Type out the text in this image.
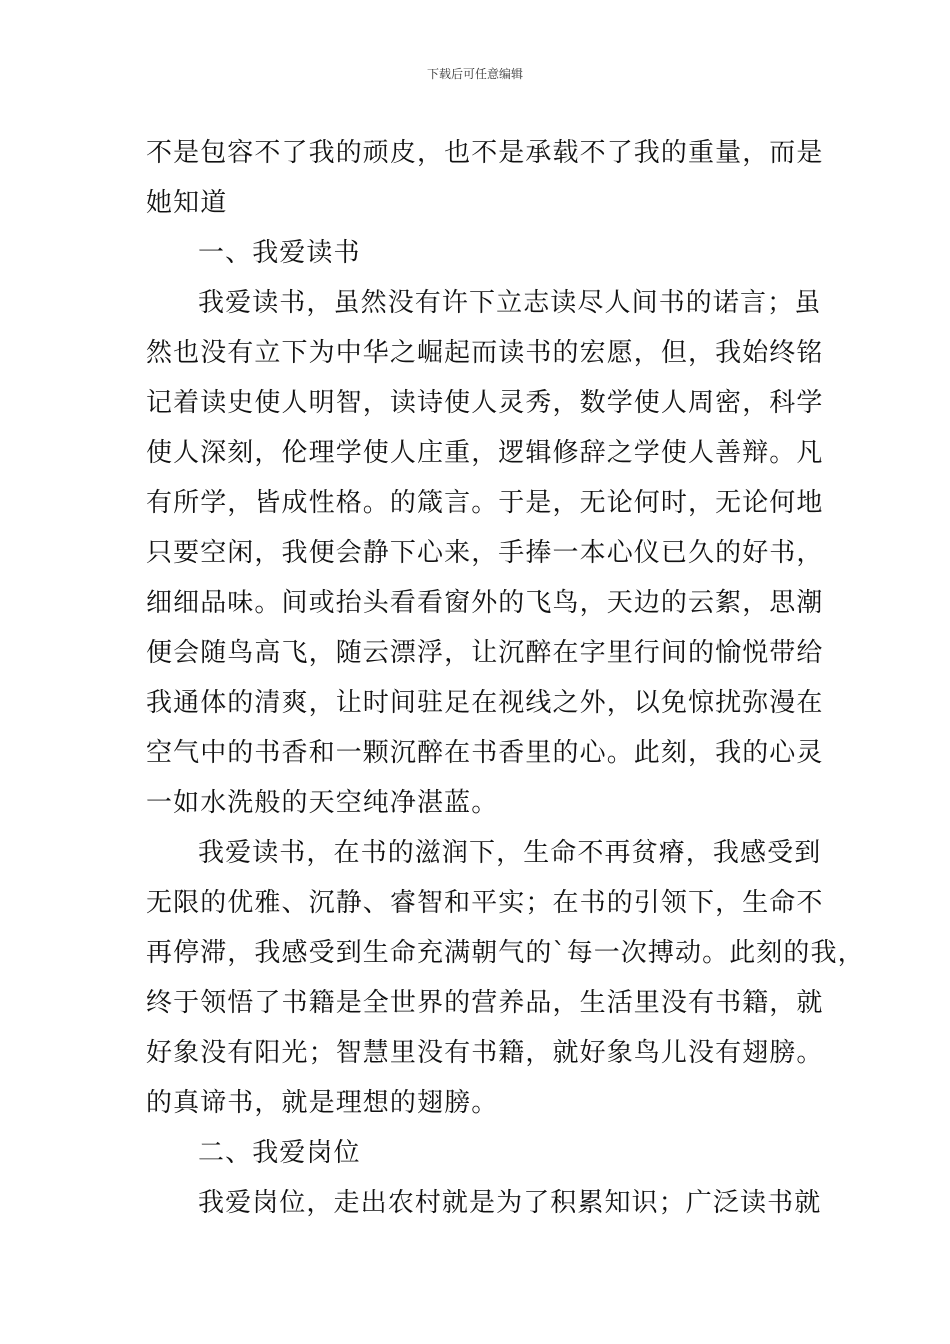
下载后可任意编辑
不是包容不了我的顽皮，也不是承载不了我的重量，而是
她知道
一、我爱读书
我爱读书，虽然没有许下立志读尽人间书的诺言；虽
然也没有立下为中华之崛起而读书的宏愿，但，我始终铭
记着读史使人明智，读诗使人灵秀，数学使人周密，科学
使人深刻，伦理学使人庄重，逻辑修辞之学使人善辩。凡
有所学，皆成性格。的箴言。于是，无论何时，无论何地
只要空闲，我便会静下心来，手捧一本心仪已久的好书，
细细品味。间或抬头看看窗外的飞鸟，天边的云絮，思潮
便会随鸟高飞，随云漂浮，让沉醉在字里行间的愉悦带给
我通体的清爽，让时间驻足在视线之外，以免惊扰弥漫在
空气中的书香和一颗沉醉在书香里的心。此刻，我的心灵
一如水洗般的天空纯净湛蓝。
我爱读书，在书的滋润下，生命不再贫瘠，我感受到
无限的优雅、沉静、睿智和平实；在书的引领下，生命不
再停滞，我感受到生命充满朝气的`每一次搏动。此刻的我，
终于领悟了书籍是全世界的营养品，生活里没有书籍，就
好象没有阳光；智慧里没有书籍，就好象鸟儿没有翅膀。
的真谛书，就是理想的翅膀。
二、我爱岗位
我爱岗位，走出农村就是为了积累知识；广泛读书就
